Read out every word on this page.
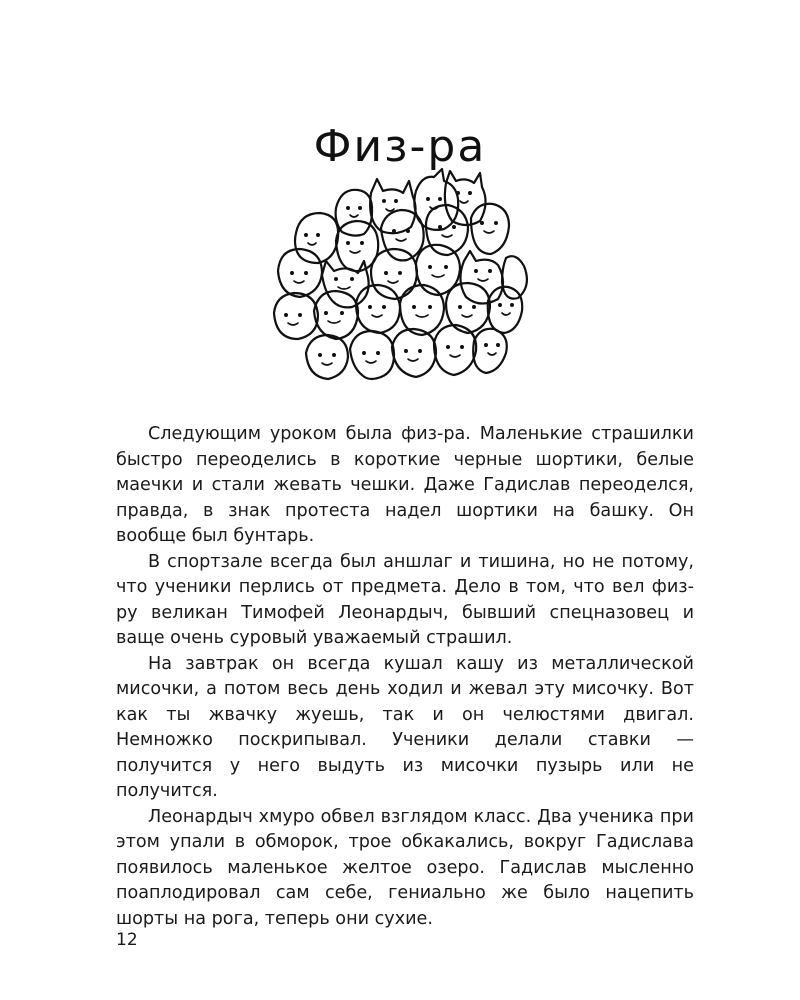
Физ-ра

Следующим уроком была физ-ра. Маленькие страшилки быстро переоделись в короткие черные шортики, белые маечки и стали жевать чешки. Даже Гадислав переоделся, правда, в знак протеста надел шортики на башку. Он вообще был бунтарь.

В спортзале всегда был аншлаг и тишина, но не потому, что ученики перлись от предмета. Дело в том, что вел физ-ру великан Тимофей Леонардыч, бывший спецназовец и ваще очень суровый уважаемый страшил.

На завтрак он всегда кушал кашу из металлической мисочки, а потом весь день ходил и жевал эту мисочку. Вот как ты жвачку жуешь, так и он челюстями двигал. Немножко поскрипывал. Ученики делали ставки — получится у него выдуть из мисочки пузырь или не получится.

Леонардыч хмуро обвел взглядом класс. Два ученика при этом упали в обморок, трое обкакались, вокруг Гадислава появилось маленькое желтое озеро. Гадислав мысленно поаплодировал сам себе, гениально же было нацепить шорты на рога, теперь они сухие.

12
